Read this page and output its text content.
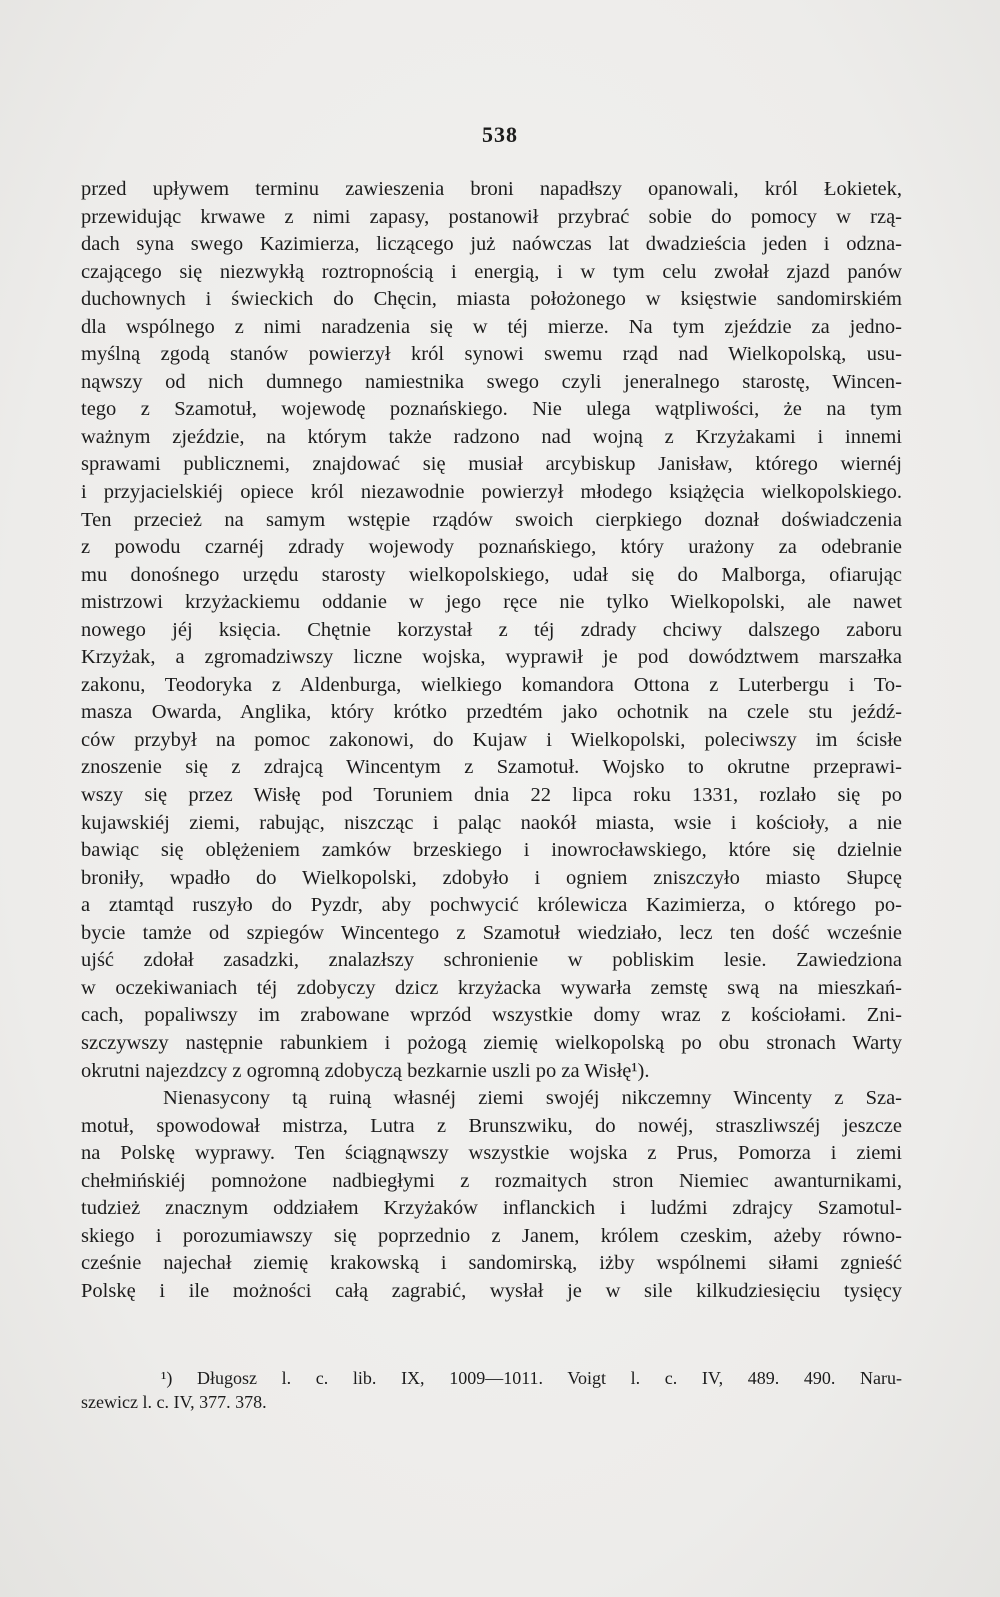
538
przed upływem terminu zawieszenia broni napadłszy opanowali, król Łokietek,
przewidując krwawe z nimi zapasy, postanowił przybrać sobie do pomocy w rzą-
dach syna swego Kazimierza, liczącego już naówczas lat dwadzieścia jeden i odzna-
czającego się niezwykłą roztropnością i energią, i w tym celu zwołał zjazd panów
duchownych i świeckich do Chęcin, miasta położonego w księstwie sandomirskiém
dla wspólnego z nimi naradzenia się w téj mierze. Na tym zjeździe za jedno-
myślną zgodą stanów powierzył król synowi swemu rząd nad Wielkopolską, usu-
nąwszy od nich dumnego namiestnika swego czyli jeneralnego starostę, Wincen-
tego z Szamotuł, wojewodę poznańskiego. Nie ulega wątpliwości, że na tym
ważnym zjeździe, na którym także radzono nad wojną z Krzyżakami i innemi
sprawami publicznemi, znajdować się musiał arcybiskup Janisław, którego wiernéj
i przyjacielskiéj opiece król niezawodnie powierzył młodego książęcia wielkopolskiego.
Ten przecież na samym wstępie rządów swoich cierpkiego doznał doświadczenia
z powodu czarnéj zdrady wojewody poznańskiego, który urażony za odebranie
mu donośnego urzędu starosty wielkopolskiego, udał się do Malborga, ofiarując
mistrzowi krzyżackiemu oddanie w jego ręce nie tylko Wielkopolski, ale nawet
nowego jéj księcia. Chętnie korzystał z téj zdrady chciwy dalszego zaboru
Krzyżak, a zgromadziwszy liczne wojska, wyprawił je pod dowództwem marszałka
zakonu, Teodoryka z Aldenburga, wielkiego komandora Ottona z Luterbergu i To-
masza Owarda, Anglika, który krótko przedtém jako ochotnik na czele stu jeźdź-
ców przybył na pomoc zakonowi, do Kujaw i Wielkopolski, poleciwszy im ścisłe
znoszenie się z zdrajcą Wincentym z Szamotuł. Wojsko to okrutne przeprawi-
wszy się przez Wisłę pod Toruniem dnia 22 lipca roku 1331, rozlało się po
kujawskiéj ziemi, rabując, niszcząc i paląc naokół miasta, wsie i kościoły, a nie
bawiąc się oblężeniem zamków brzeskiego i inowrocławskiego, które się dzielnie
broniły, wpadło do Wielkopolski, zdobyło i ogniem zniszczyło miasto Słupcę
a ztamtąd ruszyło do Pyzdr, aby pochwycić królewicza Kazimierza, o którego po-
bycie tamże od szpiegów Wincentego z Szamotuł wiedziało, lecz ten dość wcześnie
ujść zdołał zasadzki, znalazłszy schronienie w pobliskim lesie. Zawiedziona
w oczekiwaniach téj zdobyczy dzicz krzyżacka wywarła zemstę swą na mieszkań-
cach, popaliwszy im zrabowane wprzód wszystkie domy wraz z kościołami. Zni-
szczywszy następnie rabunkiem i pożogą ziemię wielkopolską po obu stronach Warty
okrutni najezdzcy z ogromną zdobyczą bezkarnie uszli po za Wisłę¹).
Nienasycony tą ruiną własnéj ziemi swojéj nikczemny Wincenty z Sza-
motuł, spowodował mistrza, Lutra z Brunszwiku, do nowéj, straszliwszéj jeszcze
na Polskę wyprawy. Ten ściągnąwszy wszystkie wojska z Prus, Pomorza i ziemi
chełmińskiéj pomnożone nadbiegłymi z rozmaitych stron Niemiec awanturnikami,
tudzież znacznym oddziałem Krzyżaków inflanckich i ludźmi zdrajcy Szamotul-
skiego i porozumiawszy się poprzednio z Janem, królem czeskim, ażeby równo-
cześnie najechał ziemię krakowską i sandomirską, iżby wspólnemi siłami zgnieść
Polskę i ile możności całą zagrabić, wysłał je w sile kilkudziesięciu tysięcy
¹) Długosz l. c. lib. IX, 1009—1011. Voigt l. c. IV, 489. 490. Naru-
szewicz l. c. IV, 377. 378.
